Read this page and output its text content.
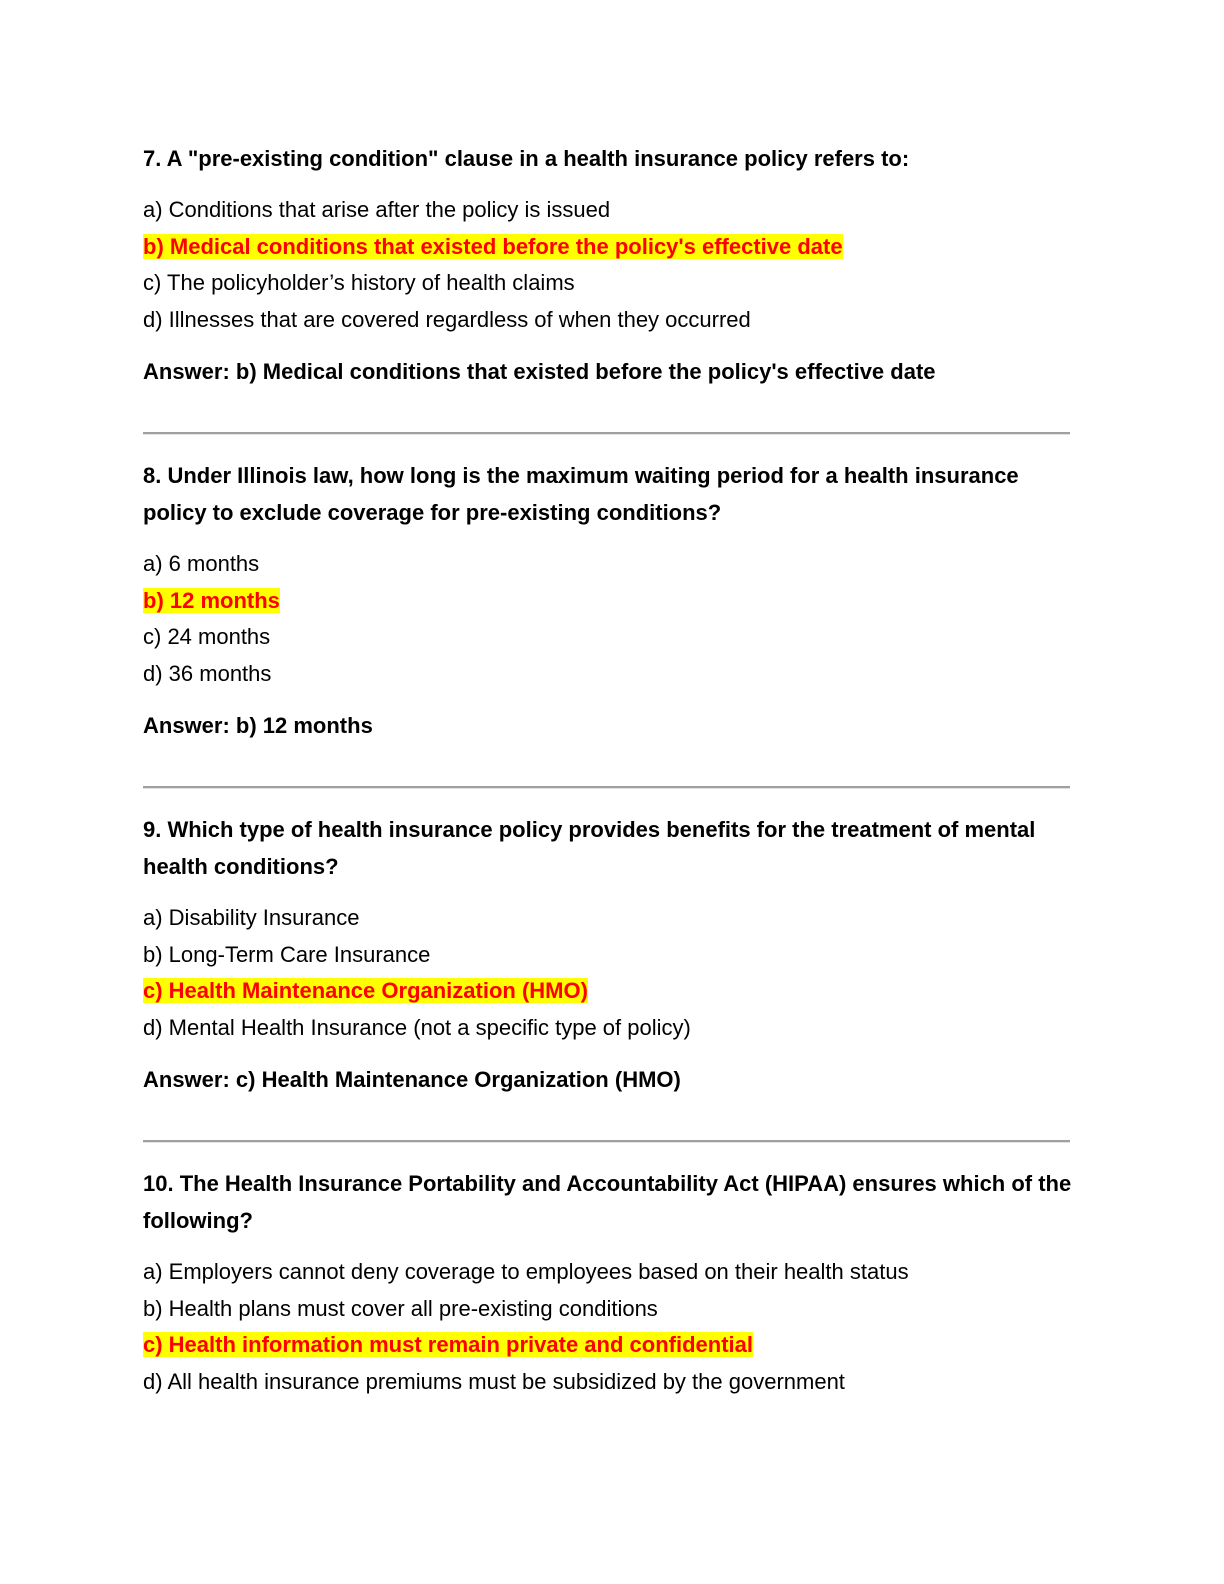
7. A "pre-existing condition" clause in a health insurance policy refers to:

a) Conditions that arise after the policy is issued

b) Medical conditions that existed before the policy's effective date

c) The policyholder’s history of health claims

d) Illnesses that are covered regardless of when they occurred

Answer: b) Medical conditions that existed before the policy's effective date

8. Under Illinois law, how long is the maximum waiting period for a health insurance policy to exclude coverage for pre-existing conditions?

a) 6 months

b) 12 months

c) 24 months

d) 36 months

Answer: b) 12 months

9. Which type of health insurance policy provides benefits for the treatment of mental health conditions?

a) Disability Insurance

b) Long-Term Care Insurance

c) Health Maintenance Organization (HMO)

d) Mental Health Insurance (not a specific type of policy)

Answer: c) Health Maintenance Organization (HMO)

10. The Health Insurance Portability and Accountability Act (HIPAA) ensures which of the following?

a) Employers cannot deny coverage to employees based on their health status

b) Health plans must cover all pre-existing conditions

c) Health information must remain private and confidential

d) All health insurance premiums must be subsidized by the government
